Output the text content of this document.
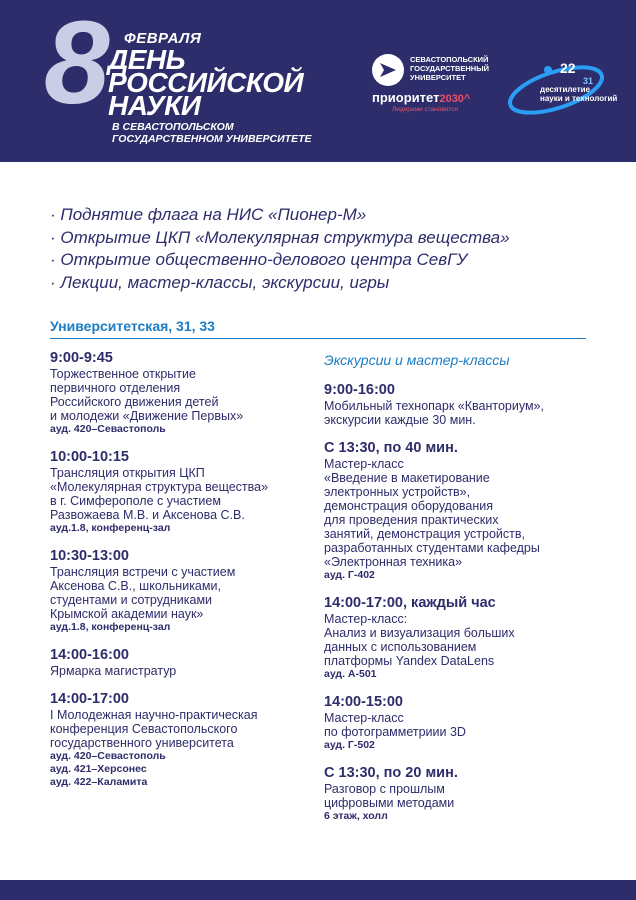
8 ФЕВРАЛЯ
ДЕНЬ
РОССИЙСКОЙ
НАУКИ
В СЕВАСТОПОЛЬСКОМ
ГОСУДАРСТВЕННОМ УНИВЕРСИТЕТЕ
СЕВАСТОПОЛЬСКИЙ
ГОСУДАРСТВЕННЫЙ
УНИВЕРСИТЕТ
приоритет2030^
Лидерами становятся
22
31
десятилетие
науки и технологий
· Поднятие флага на НИС «Пионер-М»
· Открытие ЦКП «Молекулярная структура вещества»
· Открытие общественно-делового центра СевГУ
· Лекции, мастер-классы, экскурсии, игры
Университетская, 31, 33
9:00-9:45
Торжественное открытие
первичного отделения
Российского движения детей
и молодежи «Движение Первых»
ауд. 420–Севастополь
10:00-10:15
Трансляция открытия ЦКП
«Молекулярная структура вещества»
в г. Симферополе с участием
Развожаева М.В. и Аксенова С.В.
ауд.1.8, конференц-зал
10:30-13:00
Трансляция встречи с участием
Аксенова С.В., школьниками,
студентами и сотрудниками
Крымской академии наук»
ауд.1.8, конференц-зал
14:00-16:00
Ярмарка магистратур
14:00-17:00
I Молодежная научно-практическая
конференция Севастопольского
государственного университета
ауд. 420–Севастополь
ауд. 421–Херсонес
ауд. 422–Каламита
Экскурсии и мастер-классы
9:00-16:00
Мобильный технопарк «Кванториум»,
экскурсии каждые 30 мин.
С 13:30, по 40 мин.
Мастер-класс
«Введение в макетирование
электронных устройств»,
демонстрация оборудования
для проведения практических
занятий, демонстрация устройств,
разработанных студентами кафедры
«Электронная техника»
ауд. Г-402
14:00-17:00, каждый час
Мастер-класс:
Анализ и визуализация больших
данных с использованием
платформы Yandex DataLens
ауд. А-501
14:00-15:00
Мастер-класс
по фотограмметриии 3D
ауд. Г-502
С 13:30, по 20 мин.
Разговор с прошлым
цифровыми методами
6 этаж, холл
